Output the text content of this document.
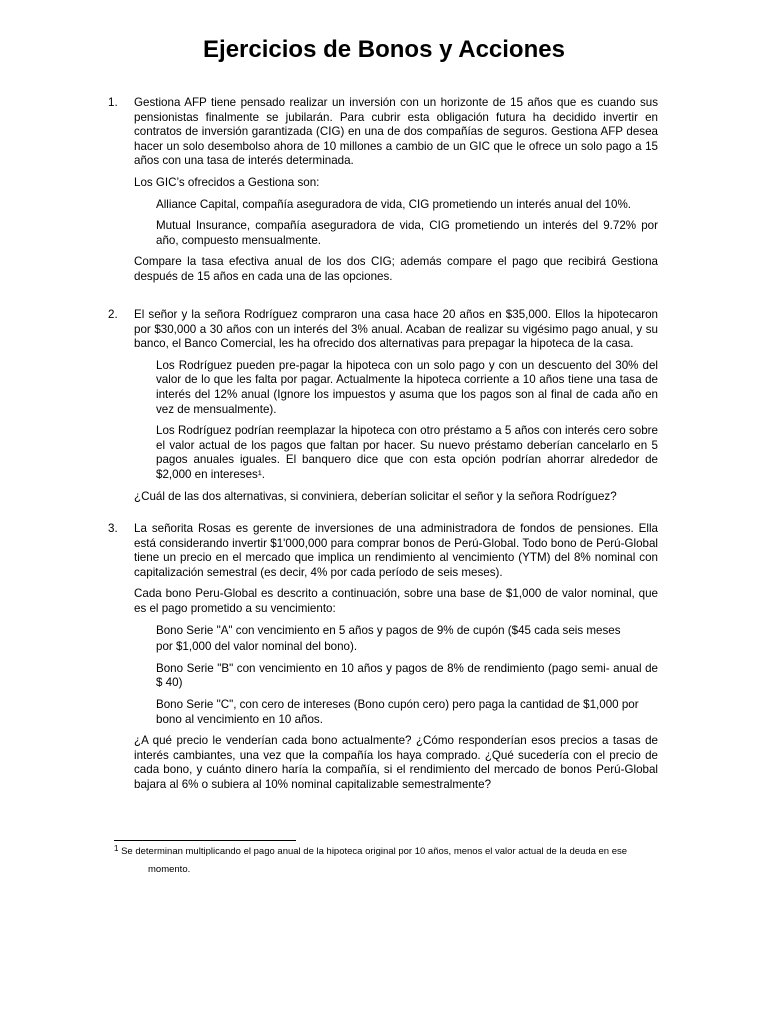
Ejercicios de Bonos y Acciones
1.	Gestiona AFP tiene pensado realizar un inversión con un horizonte de 15 años que es cuando sus pensionistas finalmente se jubilarán. Para cubrir esta obligación futura ha decidido invertir en contratos de inversión garantizada (CIG) en una de dos compañías de seguros. Gestiona AFP desea hacer un solo desembolso ahora de 10 millones a cambio de un GIC que le ofrece un solo pago a 15 años con una tasa de interés determinada.

Los GIC’s ofrecidos a Gestiona son:

Alliance Capital, compañía aseguradora de vida, CIG prometiendo un interés anual del 10%.

Mutual Insurance, compañía aseguradora de vida, CIG prometiendo un interés del 9.72% por año, compuesto mensualmente.

Compare la tasa efectiva anual de los dos CIG; además compare el pago que recibirá Gestiona después de 15 años en cada una de las opciones.

2.	El señor y la señora Rodríguez compraron una casa hace 20 años en $35,000. Ellos la hipotecaron por $30,000 a 30 años con un interés del 3% anual. Acaban de realizar su vigésimo pago anual, y su banco, el Banco Comercial, les ha ofrecido dos alternativas para prepagar la hipoteca de la casa.

Los Rodríguez pueden pre-pagar la hipoteca con un solo pago y con un descuento del 30% del valor de lo que les falta por pagar. Actualmente la hipoteca corriente a 10 años tiene una tasa de interés del 12% anual (Ignore los impuestos y asuma que los pagos son al final de cada año en vez de mensualmente).

Los Rodríguez podrían reemplazar la hipoteca con otro préstamo a 5 años con interés cero sobre el valor actual de los pagos que faltan por hacer. Su nuevo préstamo deberían cancelarlo en 5 pagos anuales iguales. El banquero dice que con esta opción podrían ahorrar alrededor de $2,000 en intereses¹.

¿Cuál de las dos alternativas, si conviniera, deberían solicitar el señor y la señora Rodríguez?

3.	La señorita Rosas es gerente de inversiones de una administradora de fondos de pensiones. Ella está considerando invertir $1'000,000 para comprar bonos de Perú-Global. Todo bono de Perú-Global tiene un precio en el mercado que implica un rendimiento al vencimiento (YTM) del 8% nominal con capitalización semestral (es decir, 4% por cada período de seis meses).

Cada bono Peru-Global es descrito a continuación, sobre una base de $1,000 de valor nominal, que es el pago prometido a su vencimiento:

Bono Serie "A" con vencimiento en 5 años y pagos de 9% de cupón ($45 cada seis meses

por $1,000 del valor nominal del bono).

Bono Serie "B" con vencimiento en 10 años y pagos de 8% de rendimiento (pago semi- anual de $ 40)

Bono Serie "C", con cero de intereses (Bono cupón cero) pero paga la cantidad de $1,000 por bono al vencimiento en 10 años.

¿A qué precio le venderían cada bono actualmente? ¿Cómo responderían esos precios a tasas de interés cambiantes, una vez que la compañía los haya comprado. ¿Qué sucedería con el precio de cada bono, y cuánto dinero haría la compañía, si el rendimiento del mercado de bonos Perú-Global bajara al 6% o subiera al 10% nominal capitalizable semestralmente?

$^1$ Se determinan multiplicando el pago anual de la hipoteca original por 10 años, menos el valor actual de la deuda en ese
momento.
